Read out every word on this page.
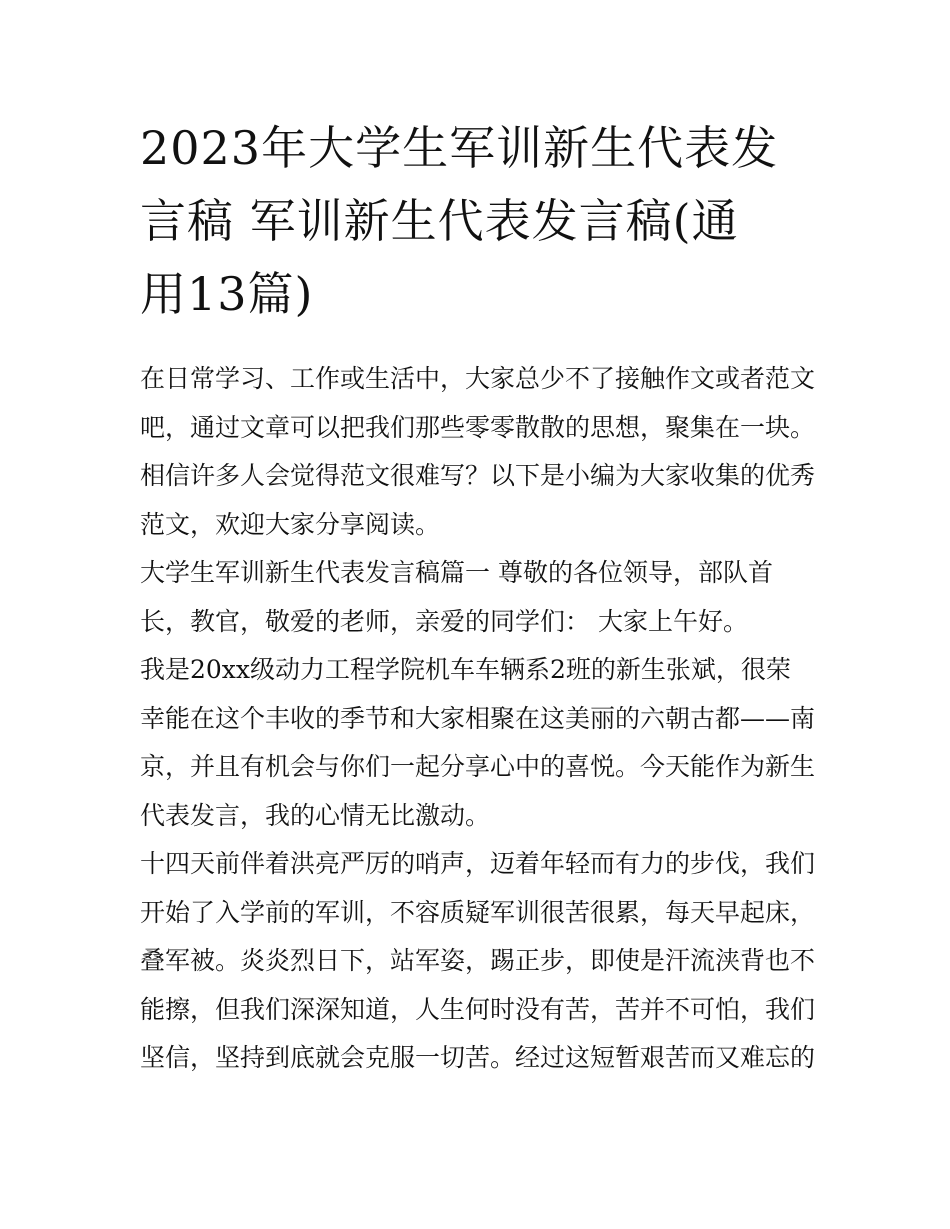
2023年大学生军训新生代表发
言稿 军训新生代表发言稿(通
用13篇)

在日常学习、工作或生活中，大家总少不了接触作文或者范文
吧，通过文章可以把我们那些零零散散的思想，聚集在一块。
相信许多人会觉得范文很难写？以下是小编为大家收集的优秀
范文，欢迎大家分享阅读。

大学生军训新生代表发言稿篇一 尊敬的各位领导，部队首
长，教官，敬爱的老师，亲爱的同学们： 大家上午好。

我是20xx级动力工程学院机车车辆系2班的新生张斌，很荣
幸能在这个丰收的季节和大家相聚在这美丽的六朝古都——南
京，并且有机会与你们一起分享心中的喜悦。今天能作为新生
代表发言，我的心情无比激动。

十四天前伴着洪亮严厉的哨声，迈着年轻而有力的步伐，我们
开始了入学前的军训，不容质疑军训很苦很累，每天早起床，
叠军被。炎炎烈日下，站军姿，踢正步，即使是汗流浃背也不
能擦，但我们深深知道，人生何时没有苦，苦并不可怕，我们
坚信，坚持到底就会克服一切苦。经过这短暂艰苦而又难忘的
